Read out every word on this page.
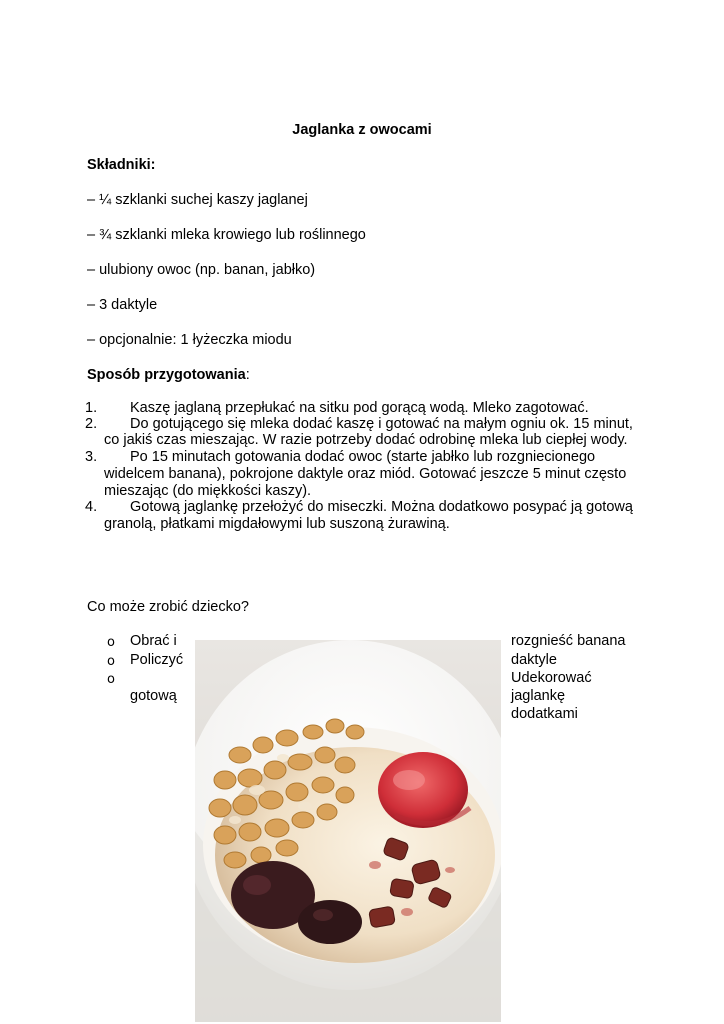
Jaglanka z owocami
Składniki:
– ¼ szklanki suchej kaszy jaglanej
– ¾ szklanki mleka krowiego lub roślinnego
– ulubiony owoc (np. banan, jabłko)
– 3 daktyle
– opcjonalnie: 1 łyżeczka miodu
Sposób przygotowania:
1. Kaszę jaglaną przepłukać na sitku pod gorącą wodą. Mleko zagotować.
2. Do gotującego się mleka dodać kaszę i gotować na małym ogniu ok. 15 minut,
co jakiś czas mieszając. W razie potrzeby dodać odrobinę mleka lub ciepłej wody.
3. Po 15 minutach gotowania dodać owoc (starte jabłko lub rozgniecionego
widelcem banana), pokrojone daktyle oraz miód. Gotować jeszcze 5 minut często
mieszając (do miękkości kaszy).
4. Gotową jaglankę przełożyć do miseczki. Można dodatkowo posypać ją gotową
granolą, płatkami migdałowymi lub suszoną żurawiną.
Co może zrobić dziecko?
o Obrać i
o Policzyć
o
gotową
rozgnieść banana
daktyle
Udekorować
jaglankę
dodatkami
